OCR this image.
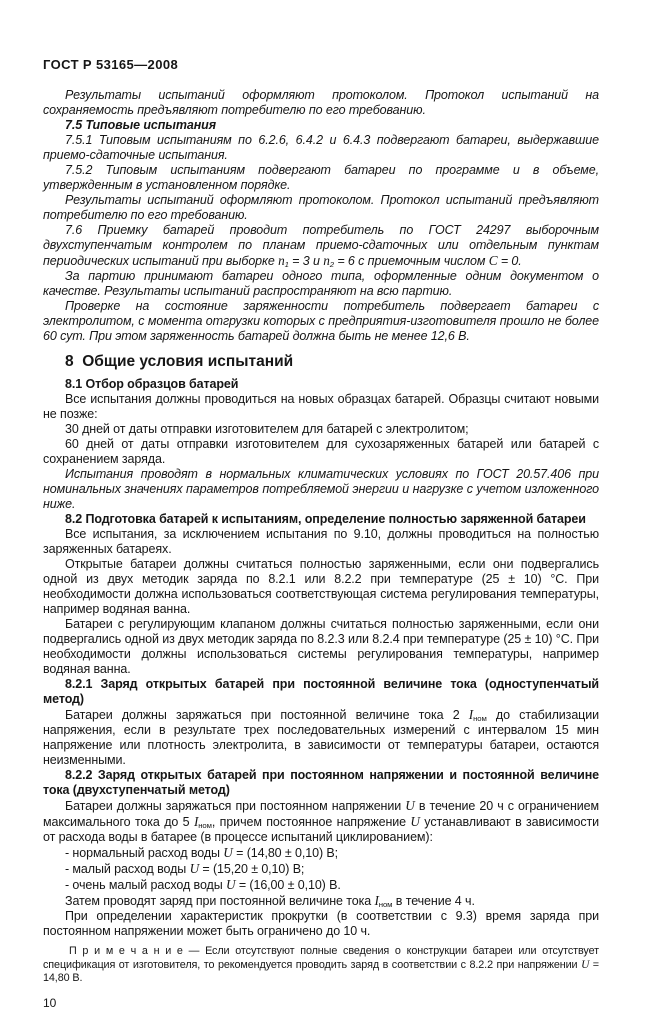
ГОСТ Р 53165—2008

Результаты испытаний оформляют протоколом. Протокол испытаний на сохраняемость предъявляют потребителю по его требованию.

7.5 Типовые испытания

7.5.1 Типовым испытаниям по 6.2.6, 6.4.2 и 6.4.3 подвергают батареи, выдержавшие приемо-сдаточные испытания.

7.5.2 Типовым испытаниям подвергают батареи по программе и в объеме, утвержденным в установленном порядке.

Результаты испытаний оформляют протоколом. Протокол испытаний предъявляют потребителю по его требованию.

7.6 Приемку батарей проводит потребитель по ГОСТ 24297 выборочным двухступенчатым контролем по планам приемо-сдаточных или отдельным пунктам периодических испытаний при выборке $n_1 = 3$ и $n_2 = 6$ с приемочным числом С = 0.

За партию принимают батареи одного типа, оформленные одним документом о качестве. Результаты испытаний распространяют на всю партию.

Проверке на состояние заряженности потребитель подвергает батареи с электролитом, с момента отгрузки которых с предприятия-изготовителя прошло не более 60 сут. При этом заряженность батарей должна быть не менее 12,6 В.

8  Общие условия испытаний

8.1 Отбор образцов батарей

Все испытания должны проводиться на новых образцах батарей. Образцы считают новыми не позже:

30 дней от даты отправки изготовителем для батарей с электролитом;

60 дней от даты отправки изготовителем для сухозаряженных батарей или батарей с сохранением заряда.

Испытания проводят в нормальных климатических условиях по ГОСТ 20.57.406 при номинальных значениях параметров потребляемой энергии и нагрузке с учетом изложенного ниже.

8.2 Подготовка батарей к испытаниям, определение полностью заряженной батареи

Все испытания, за исключением испытания по 9.10, должны проводиться на полностью заряженных батареях.

Открытые батареи должны считаться полностью заряженными, если они подвергались одной из двух методик заряда по 8.2.1 или 8.2.2 при температуре (25 ± 10) °С. При необходимости должна использоваться соответствующая система регулирования температуры, например водяная ванна.

Батареи с регулирующим клапаном должны считаться полностью заряженными, если они подвергались одной из двух методик заряда по 8.2.3 или 8.2.4 при температуре (25 ± 10) °С. При необходимости должны использоваться системы регулирования температуры, например водяная ванна.

8.2.1 Заряд открытых батарей при постоянной величине тока (одноступенчатый метод)

Батареи должны заряжаться при постоянной величине тока 2 $I_{ном}$ до стабилизации напряжения, если в результате трех последовательных измерений с интервалом 15 мин напряжение или плотность электролита, в зависимости от температуры батареи, остаются неизменными.

8.2.2 Заряд открытых батарей при постоянном напряжении и постоянной величине тока (двухступенчатый метод)

Батареи должны заряжаться при постоянном напряжении U в течение 20 ч с ограничением максимального тока до 5 $I_{ном}$, причем постоянное напряжение U устанавливают в зависимости от расхода воды в батарее (в процессе испытаний циклированием):

- нормальный расход воды U = (14,80 ± 0,10) В;

- малый расход воды U = (15,20 ± 0,10) В;

- очень малый расход воды U = (16,00 ± 0,10) В.

Затем проводят заряд при постоянной величине тока $I_{ном}$ в течение 4 ч.

При определении характеристик прокрутки (в соответствии с 9.3) время заряда при постоянном напряжении может быть ограничено до 10 ч.

П р и м е ч а н и е — Если отсутствуют полные сведения о конструкции батареи или отсутствует спецификация от изготовителя, то рекомендуется проводить заряд в соответствии с 8.2.2 при напряжении U = 14,80 В.

10
